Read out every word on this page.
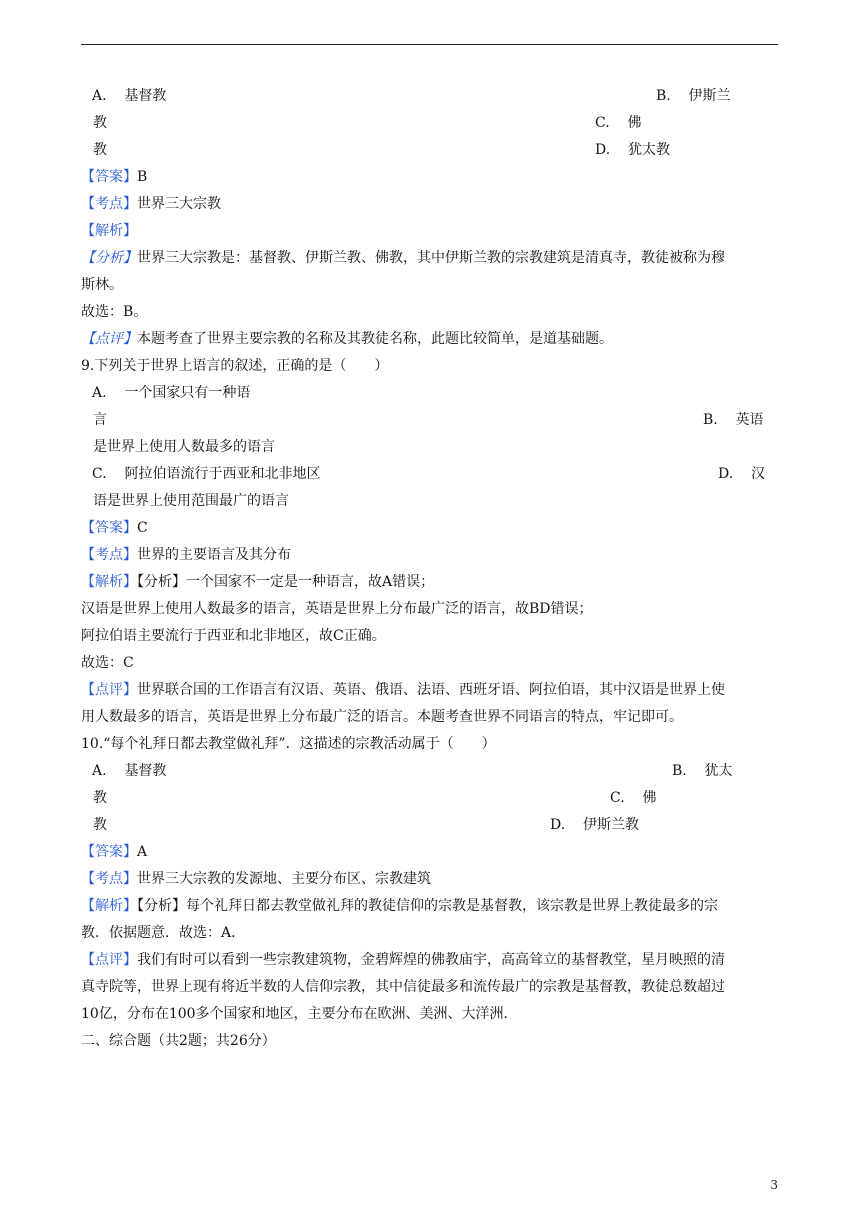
A.    基督教	B.    伊斯兰
教	C.    佛
教	D.    犹太教
【答案】B
【考点】世界三大宗教
【解析】
【分析】世界三大宗教是：基督教、伊斯兰教、佛教，其中伊斯兰教的宗教建筑是清真寺，教徒被称为穆
斯林。
故选：B。
【点评】本题考查了世界主要宗教的名称及其教徒名称，此题比较简单，是道基础题。
9.下列关于世界上语言的叙述，正确的是（　　）
A.    一个国家只有一种语
言	B.    英语
是世界上使用人数最多的语言
C.    阿拉伯语流行于西亚和北非地区	D.    汉
语是世界上使用范围最广的语言
【答案】C
【考点】世界的主要语言及其分布
【解析】【分析】一个国家不一定是一种语言，故A错误；
汉语是世界上使用人数最多的语言，英语是世界上分布最广泛的语言，故BD错误；
阿拉伯语主要流行于西亚和北非地区，故C正确。
故选：C
【点评】世界联合国的工作语言有汉语、英语、俄语、法语、西班牙语、阿拉伯语，其中汉语是世界上使
用人数最多的语言，英语是世界上分布最广泛的语言。本题考查世界不同语言的特点，牢记即可。
10.“每个礼拜日都去教堂做礼拜”．这描述的宗教活动属于（　　）
A.    基督教	B.    犹太
教	C.    佛
教	D.    伊斯兰教
【答案】A
【考点】世界三大宗教的发源地、主要分布区、宗教建筑
【解析】【分析】每个礼拜日都去教堂做礼拜的教徒信仰的宗教是基督教，该宗教是世界上教徒最多的宗
教．依据题意．故选：A．
【点评】我们有时可以看到一些宗教建筑物，金碧辉煌的佛教庙宇，高高耸立的基督教堂，星月映照的清
真寺院等，世界上现有将近半数的人信仰宗教，其中信徒最多和流传最广的宗教是基督教，教徒总数超过
10亿，分布在100多个国家和地区，主要分布在欧洲、美洲、大洋洲．
二、综合题（共2题；共26分）
3
